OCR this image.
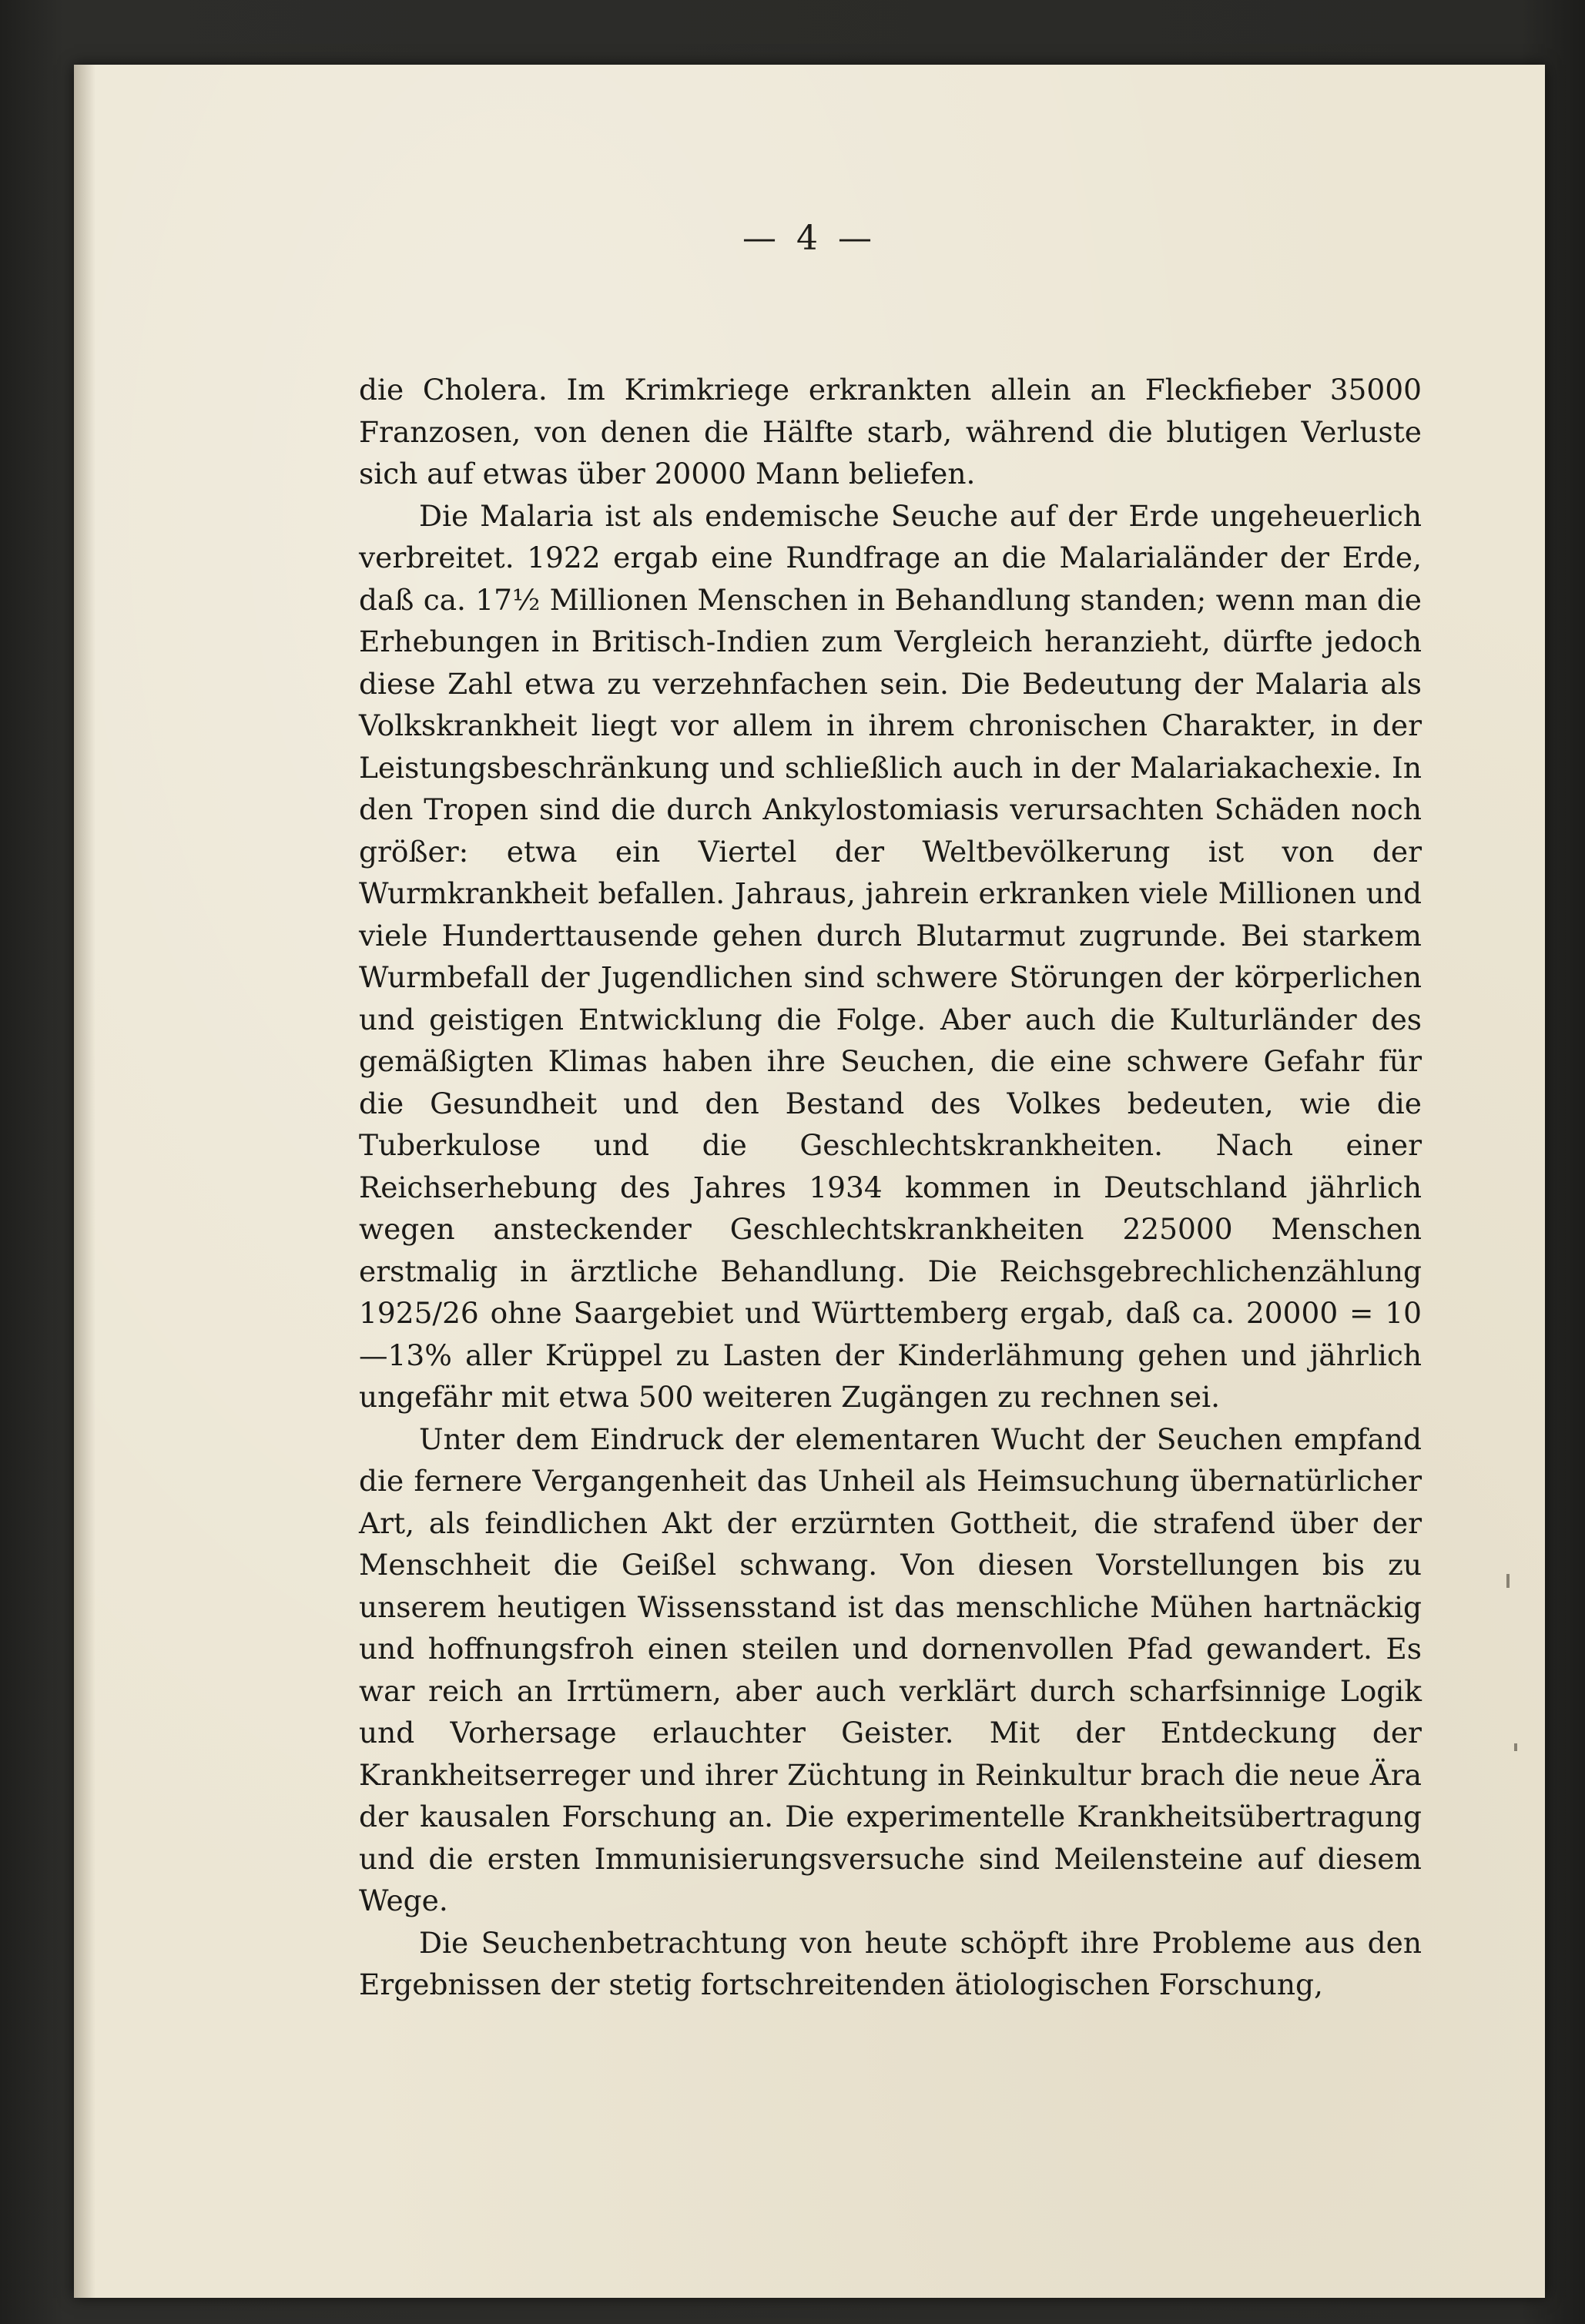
— 4 —

die Cholera. Im Krimkriege erkrankten allein an Fleckfieber 35000 Franzosen, von denen die Hälfte starb, während die blutigen Verluste sich auf etwas über 20000 Mann beliefen.

Die Malaria ist als endemische Seuche auf der Erde ungeheuerlich verbreitet. 1922 ergab eine Rundfrage an die Malarialänder der Erde, daß ca. 17½ Millionen Menschen in Behandlung standen; wenn man die Erhebungen in Britisch-Indien zum Vergleich heranzieht, dürfte jedoch diese Zahl etwa zu verzehnfachen sein. Die Bedeutung der Malaria als Volkskrankheit liegt vor allem in ihrem chronischen Charakter, in der Leistungsbeschränkung und schließlich auch in der Malariakachexie. In den Tropen sind die durch Ankylostomiasis verursachten Schäden noch größer: etwa ein Viertel der Weltbevölkerung ist von der Wurmkrankheit befallen. Jahraus, jahrein erkranken viele Millionen und viele Hunderttausende gehen durch Blutarmut zugrunde. Bei starkem Wurmbefall der Jugendlichen sind schwere Störungen der körperlichen und geistigen Entwicklung die Folge. Aber auch die Kulturländer des gemäßigten Klimas haben ihre Seuchen, die eine schwere Gefahr für die Gesundheit und den Bestand des Volkes bedeuten, wie die Tuberkulose und die Geschlechtskrankheiten. Nach einer Reichserhebung des Jahres 1934 kommen in Deutschland jährlich wegen ansteckender Geschlechtskrankheiten 225000 Menschen erstmalig in ärztliche Behandlung. Die Reichsgebrechlichenzählung 1925/26 ohne Saargebiet und Württemberg ergab, daß ca. 20000 = 10—13% aller Krüppel zu Lasten der Kinderlähmung gehen und jährlich ungefähr mit etwa 500 weiteren Zugängen zu rechnen sei.

Unter dem Eindruck der elementaren Wucht der Seuchen empfand die fernere Vergangenheit das Unheil als Heimsuchung übernatürlicher Art, als feindlichen Akt der erzürnten Gottheit, die strafend über der Menschheit die Geißel schwang. Von diesen Vorstellungen bis zu unserem heutigen Wissensstand ist das menschliche Mühen hartnäckig und hoffnungsfroh einen steilen und dornenvollen Pfad gewandert. Es war reich an Irrtümern, aber auch verklärt durch scharfsinnige Logik und Vorhersage erlauchter Geister. Mit der Entdeckung der Krankheitserreger und ihrer Züchtung in Reinkultur brach die neue Ära der kausalen Forschung an. Die experimentelle Krankheitsübertragung und die ersten Immunisierungsversuche sind Meilensteine auf diesem Wege.

Die Seuchenbetrachtung von heute schöpft ihre Probleme aus den Ergebnissen der stetig fortschreitenden ätiologischen Forschung,
